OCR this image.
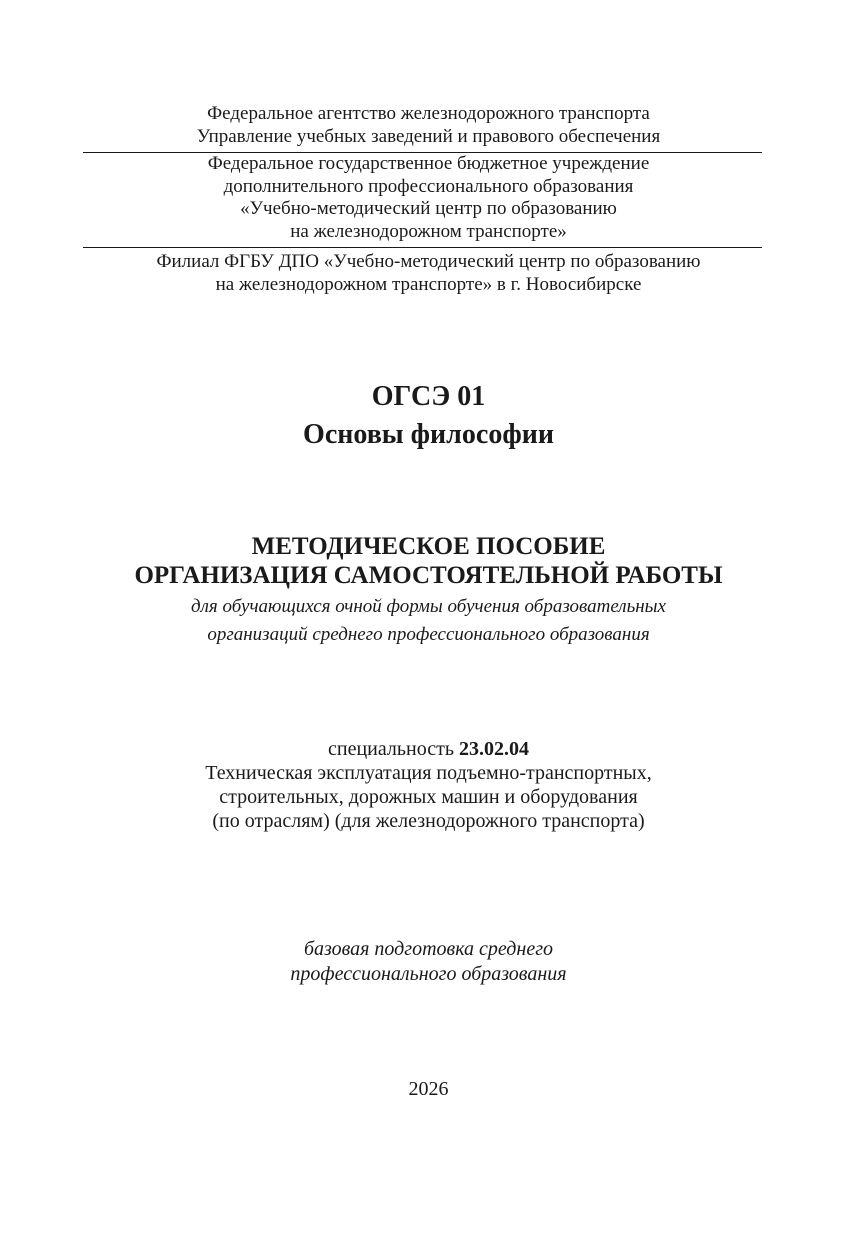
Федеральное агентство железнодорожного транспорта
Управление учебных заведений и правового обеспечения
Федеральное государственное бюджетное учреждение
дополнительного профессионального образования
«Учебно-методический центр по образованию
на железнодорожном транспорте»
Филиал ФГБУ ДПО «Учебно-методический центр по образованию
на железнодорожном транспорте» в г. Новосибирске
ОГСЭ 01
Основы философии
МЕТОДИЧЕСКОЕ ПОСОБИЕ
ОРГАНИЗАЦИЯ САМОСТОЯТЕЛЬНОЙ РАБОТЫ
для обучающихся очной формы обучения образовательных
организаций среднего профессионального образования
специальность 23.02.04
Техническая эксплуатация подъемно-транспортных,
строительных, дорожных машин и оборудования
(по отраслям) (для железнодорожного транспорта)
базовая подготовка среднего
профессионального образования
2026
